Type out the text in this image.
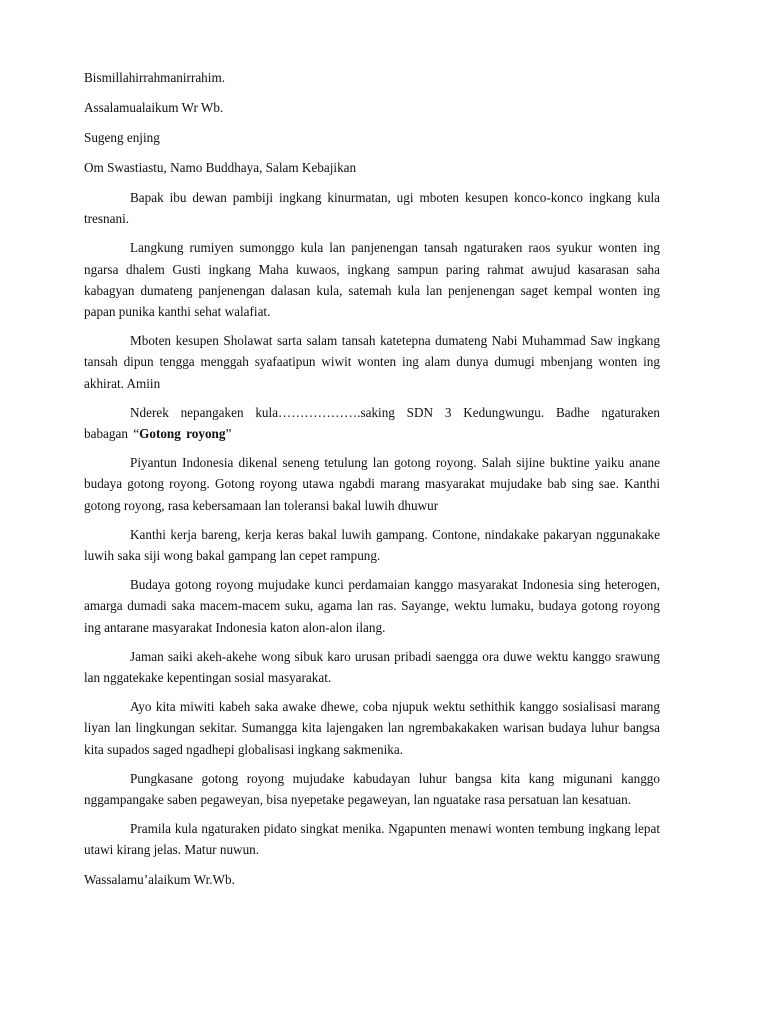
Bismillahirrahmanirrahim.

Assalamualaikum Wr Wb.

Sugeng enjing

Om Swastiastu, Namo Buddhaya, Salam Kebajikan

Bapak ibu dewan pambiji ingkang kinurmatan, ugi mboten kesupen konco-konco ingkang kula tresnani.

Langkung rumiyen sumonggo kula lan panjenengan tansah ngaturaken raos syukur wonten ing ngarsa dhalem Gusti ingkang Maha kuwaos, ingkang sampun paring rahmat awujud kasarasan saha kabagyan dumateng panjenengan dalasan kula, satemah kula lan penjenengan saget kempal wonten ing papan punika kanthi sehat walafiat.

Mboten kesupen Sholawat sarta salam tansah katetepna dumateng Nabi Muhammad Saw ingkang tansah dipun tengga menggah syafaatipun wiwit wonten ing alam dunya dumugi mbenjang wonten ing akhirat. Amiin

Nderek nepangaken kula……………….saking SDN 3 Kedungwungu. Badhe ngaturaken babagan “Gotong royong”

Piyantun Indonesia dikenal seneng tetulung lan gotong royong. Salah sijine buktine yaiku anane budaya gotong royong. Gotong royong utawa ngabdi marang masyarakat mujudake bab sing sae. Kanthi gotong royong, rasa kebersamaan lan toleransi bakal luwih dhuwur

Kanthi kerja bareng, kerja keras bakal luwih gampang. Contone, nindakake pakaryan nggunakake luwih saka siji wong bakal gampang lan cepet rampung.

Budaya gotong royong mujudake kunci perdamaian kanggo masyarakat Indonesia sing heterogen, amarga dumadi saka macem-macem suku, agama lan ras. Sayange, wektu lumaku, budaya gotong royong ing antarane masyarakat Indonesia katon alon-alon ilang.

Jaman saiki akeh-akehe wong sibuk karo urusan pribadi saengga ora duwe wektu kanggo srawung lan nggatekake kepentingan sosial masyarakat.

Ayo kita miwiti kabeh saka awake dhewe, coba njupuk wektu sethithik kanggo sosialisasi marang liyan lan lingkungan sekitar. Sumangga kita lajengaken lan ngrembakakaken warisan budaya luhur bangsa kita supados saged ngadhepi globalisasi ingkang sakmenika.

Pungkasane gotong royong mujudake kabudayan luhur bangsa kita kang migunani kanggo nggampangake saben pegaweyan, bisa nyepetake pegaweyan, lan nguatake rasa persatuan lan kesatuan.

Pramila kula ngaturaken pidato singkat menika. Ngapunten menawi wonten tembung ingkang lepat utawi kirang jelas. Matur nuwun.

Wassalamu’alaikum Wr.Wb.
